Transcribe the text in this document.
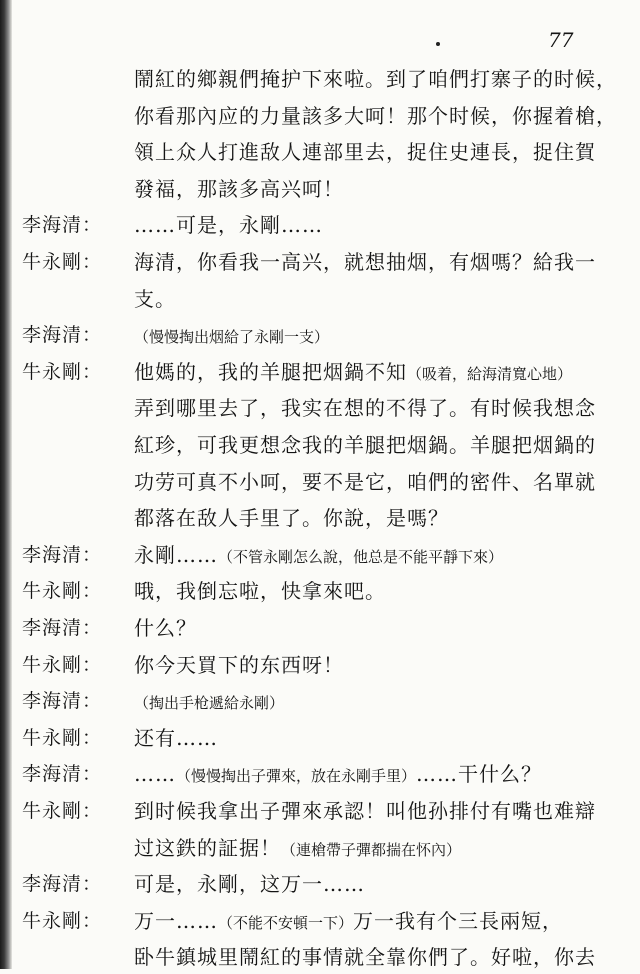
77
鬧紅的鄉親們掩护下來啦。到了咱們打寨子的时候，
你看那內应的力量該多大呵！那个时候，你握着槍，
領上众人打進敌人連部里去，捉住史連長，捉住賀
發福，那該多高兴呵！
李海清：	……可是，永剛……
牛永剛：	海清，你看我一高兴，就想抽烟，有烟嗎？給我一
支。
李海清：	（慢慢掏出烟給了永剛一支）
牛永剛：	他媽的，我的羊腿把烟鍋不知（吸着，給海清寬心地）
弄到哪里去了，我实在想的不得了。有时候我想念
紅珍，可我更想念我的羊腿把烟鍋。羊腿把烟鍋的
功劳可真不小呵，要不是它，咱們的密件、名單就
都落在敌人手里了。你說，是嗎？
李海清：	永剛……（不管永剛怎么說，他总是不能平靜下來）
牛永剛：	哦，我倒忘啦，快拿來吧。
李海清：	什么？
牛永剛：	你今天買下的东西呀！
李海清：	（掏出手枪遞給永剛）
牛永剛：	还有……
李海清：	……（慢慢掏出子彈來，放在永剛手里）……干什么？
牛永剛：	到时候我拿出子彈來承認！叫他孙排付有嘴也难辯
过这鉄的証据！（連槍帶子彈都揣在怀內）
李海清：	可是，永剛，这万一……
牛永剛：	万一……（不能不安頓一下）万一我有个三長兩短，
卧牛鎮城里鬧紅的事情就全靠你們了。好啦，你去
